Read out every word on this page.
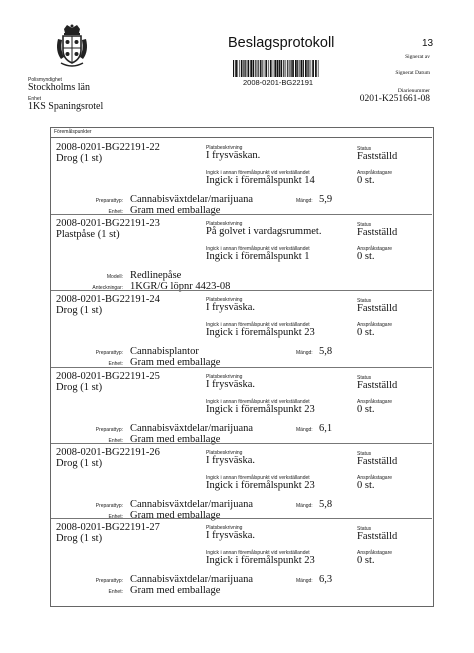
Polismyndighet
Stockholms län
Enhet
1KS Spaningsrotel
Beslagsprotokoll
2008-0201-BG22191
13
Signerat av
Signerat Datum
Diarienummer
0201-K251661-08
Föremålspunkter
2008-0201-BG22191-22
Drog (1 st)
Platsbeskrivning
I frysväskan.
Ingick i annan föremålspunkt vid verkställandet
Ingick i föremålspunkt 14
Status
Fastställd
Anspråkstagare
0 st.
Preparattyp: Cannabisväxtdelar/marijuana	Mängd: 5,9
Enhet: Gram med emballage
2008-0201-BG22191-23
Plastpåse (1 st)
Platsbeskrivning
På golvet i vardagsrummet.
Ingick i annan föremålspunkt vid verkställandet
Ingick i föremålspunkt 1
Status
Fastställd
Anspråkstagare
0 st.
Modell: Redlinepåse
Anteckningar: 1KGR/G löpnr 4423-08
2008-0201-BG22191-24
Drog (1 st)
Platsbeskrivning
I frysväska.
Ingick i annan föremålspunkt vid verkställandet
Ingick i föremålspunkt 23
Status
Fastställd
Anspråkstagare
0 st.
Preparattyp: Cannabisplantor	Mängd: 5,8
Enhet: Gram med emballage
2008-0201-BG22191-25
Drog (1 st)
Platsbeskrivning
I frysväska.
Ingick i annan föremålspunkt vid verkställandet
Ingick i föremålspunkt 23
Status
Fastställd
Anspråkstagare
0 st.
Preparattyp: Cannabisväxtdelar/marijuana	Mängd: 6,1
Enhet: Gram med emballage
2008-0201-BG22191-26
Drog (1 st)
Platsbeskrivning
I frysväska.
Ingick i annan föremålspunkt vid verkställandet
Ingick i föremålspunkt 23
Status
Fastställd
Anspråkstagare
0 st.
Preparattyp: Cannabisväxtdelar/marijuana	Mängd: 5,8
Enhet: Gram med emballage
2008-0201-BG22191-27
Drog (1 st)
Platsbeskrivning
I frysväska.
Ingick i annan föremålspunkt vid verkställandet
Ingick i föremålspunkt 23
Status
Fastställd
Anspråkstagare
0 st.
Preparattyp: Cannabisväxtdelar/marijuana	Mängd: 6,3
Enhet: Gram med emballage
